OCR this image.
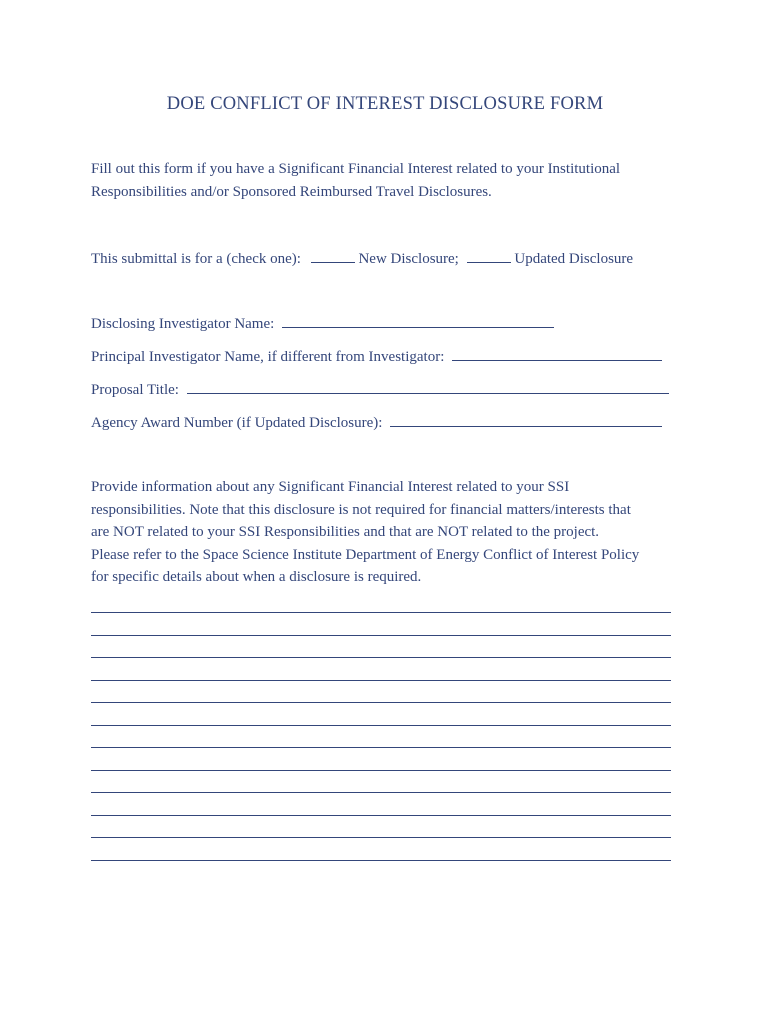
DOE CONFLICT OF INTEREST DISCLOSURE FORM
Fill out this form if you have a Significant Financial Interest related to your Institutional
Responsibilities and/or Sponsored Reimbursed Travel Disclosures.
This submittal is for a (check one):	New Disclosure;	Updated Disclosure
Disclosing Investigator Name:
Principal Investigator Name, if different from Investigator:
Proposal Title:
Agency Award Number (if Updated Disclosure):
Provide information about any Significant Financial Interest related to your SSI
responsibilities. Note that this disclosure is not required for financial matters/interests that
are NOT related to your SSI Responsibilities and that are NOT related to the project.
Please refer to the Space Science Institute Department of Energy Conflict of Interest Policy
for specific details about when a disclosure is required.
